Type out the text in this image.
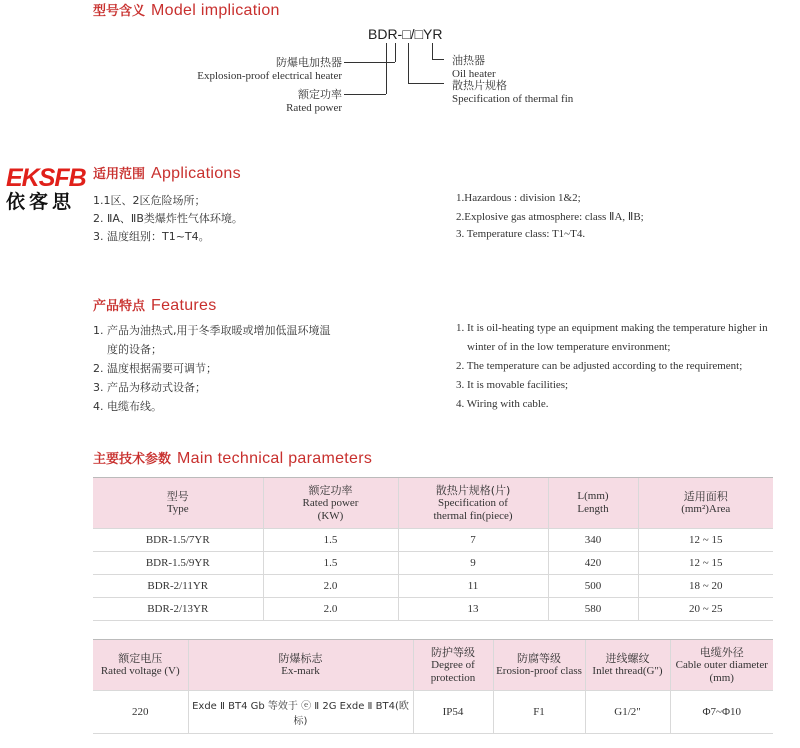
型号含义 Model implication
BDR-□/□YR
防爆电加热器
Explosion-proof electrical heater
额定功率
Rated power
油热器
Oil heater
散热片规格
Specification of thermal fin
EKSFB
依客思
适用范围 Applications
1.1区、2区危险场所；
2. ⅡA、ⅡB类爆炸性气体环境。
3. 温度组别：T1~T4。
1.Hazardous : division 1&2;
2.Explosive gas atmosphere: class ⅡA, ⅡB;
3. Temperature class: T1~T4.
产品特点 Features
1. 产品为油热式,用于冬季取暖或增加低温环境温
度的设备；
2. 温度根据需要可调节；
3. 产品为移动式设备；
4. 电缆布线。
1. It is oil-heating type an equipment making the temperature higher in
winter of in the low temperature environment;
2. The temperature can be adjusted according to the requirement;
3. It is movable facilities;
4. Wiring with cable.
主要技术参数 Main technical parameters
型号
Type	额定功率
Rated power
(KW)	散热片规格(片)
Specification of
thermal fin(piece)	L(mm)
Length	适用面积
(mm²)Area

BDR-1.5/7YR	1.5	7	340	12 ~ 15
BDR-1.5/9YR	1.5	9	420	12 ~ 15
BDR-2/11YR	2.0	11	500	18 ~ 20
BDR-2/13YR	2.0	13	580	20 ~ 25
额定电压
Rated voltage (V)	防爆标志
Ex-mark	防护等级
Degree of
protection	防腐等级
Erosion-proof class	进线螺纹
Inlet thread(G")	电缆外径
Cable outer diameter
(mm)

220	Exde Ⅱ BT4 Gb 等效于 ⓔ Ⅱ 2G Exde Ⅱ BT4(欧标)	IP54	F1	G1/2"	Φ7~Φ10
